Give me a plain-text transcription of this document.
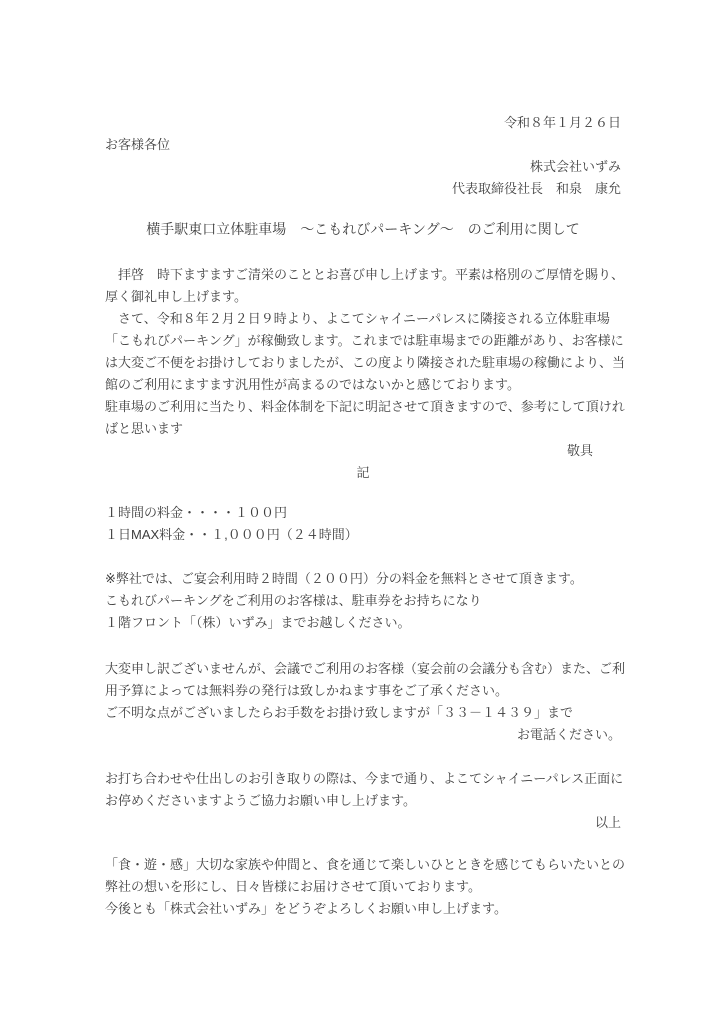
令和８年１月２６日
お客様各位
株式会社いずみ
代表取締役社長　和泉　康允
横手駅東口立体駐車場　～こもれびパーキング～　のご利用に関して
　拝啓　時下ますますご清栄のこととお喜び申し上げます。平素は格別のご厚情を賜り、
厚く御礼申し上げます。
　さて、令和８年２月２日９時より、よこてシャイニーパレスに隣接される立体駐車場
「こもれびパーキング」が稼働致します。これまでは駐車場までの距離があり、お客様に
は大変ご不便をお掛けしておりましたが、この度より隣接された駐車場の稼働により、当
館のご利用にますます汎用性が高まるのではないかと感じております。
駐車場のご利用に当たり、料金体制を下記に明記させて頂きますので、参考にして頂けれ
ばと思います
敬具
記
１時間の料金・・・・１００円
１日MAX料金・・１,０００円（２４時間）
※弊社では、ご宴会利用時２時間（２００円）分の料金を無料とさせて頂きます。
こもれびパーキングをご利用のお客様は、駐車券をお持ちになり
１階フロント「（株）いずみ」までお越しください。
大変申し訳ございませんが、会議でご利用のお客様（宴会前の会議分も含む）また、ご利
用予算によっては無料券の発行は致しかねます事をご了承ください。
ご不明な点がございましたらお手数をお掛け致しますが「３３－１４３９」まで
お電話ください。
お打ち合わせや仕出しのお引き取りの際は、今まで通り、よこてシャイニーパレス正面に
お停めくださいますようご協力お願い申し上げます。
以上
「食・遊・感」大切な家族や仲間と、食を通じて楽しいひとときを感じてもらいたいとの
弊社の想いを形にし、日々皆様にお届けさせて頂いております。
今後とも「株式会社いずみ」をどうぞよろしくお願い申し上げます。
